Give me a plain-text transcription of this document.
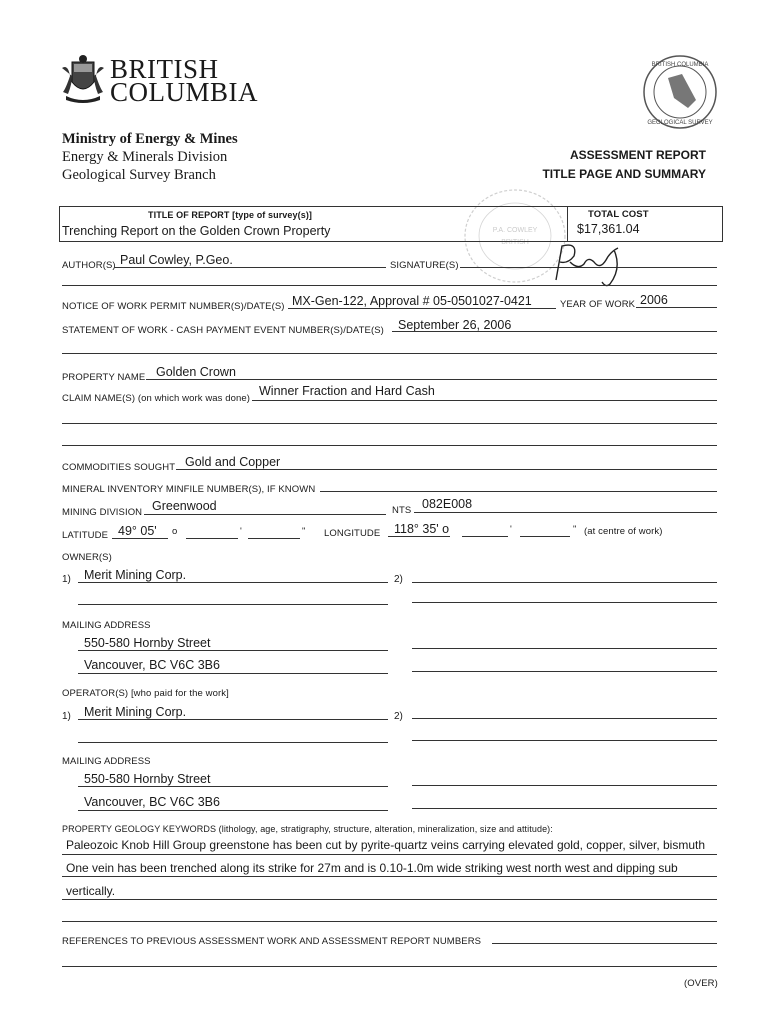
BRITISH
COLUMBIA
BRITISH COLUMBIA
GEOLOGICAL SURVEY
Ministry of Energy & Mines
Energy & Minerals Division
Geological Survey Branch
ASSESSMENT REPORT
TITLE PAGE AND SUMMARY
P.A. COWLEY
BRITISH
TITLE OF REPORT [type of survey(s)]
Trenching Report on the Golden Crown Property
TOTAL COST
$17,361.04
AUTHOR(S) Paul Cowley, P.Geo.	SIGNATURE(S)
NOTICE OF WORK PERMIT NUMBER(S)/DATE(S) MX-Gen-122, Approval # 05-0501027-0421	YEAR OF WORK 2006
STATEMENT OF WORK - CASH PAYMENT EVENT NUMBER(S)/DATE(S) September 26, 2006
PROPERTY NAME Golden Crown
CLAIM NAME(S) (on which work was done)
Winner Fraction and Hard Cash
COMMODITIES SOUGHT Gold and Copper
MINERAL INVENTORY MINFILE NUMBER(S), IF KNOWN
MINING DIVISION Greenwood	NTS 082E008
LATITUDE 49° 05' o	'	" LONGITUDE 118° 35' o	'	" (at centre of work)
OWNER(S)
1) Merit Mining Corp.	2)
MAILING ADDRESS
550-580 Hornby Street
Vancouver, BC V6C 3B6
OPERATOR(S) [who paid for the work]
1) Merit Mining Corp.	2)
MAILING ADDRESS
550-580 Hornby Street
Vancouver, BC V6C 3B6
PROPERTY GEOLOGY KEYWORDS (lithology, age, stratigraphy, structure, alteration, mineralization, size and attitude):
Paleozoic Knob Hill Group greenstone has been cut by pyrite-quartz veins carrying elevated gold, copper, silver, bismuth
One vein has been trenched along its strike for 27m and is 0.10-1.0m wide striking west north west and dipping sub
vertically.
REFERENCES TO PREVIOUS ASSESSMENT WORK AND ASSESSMENT REPORT NUMBERS
(OVER)
